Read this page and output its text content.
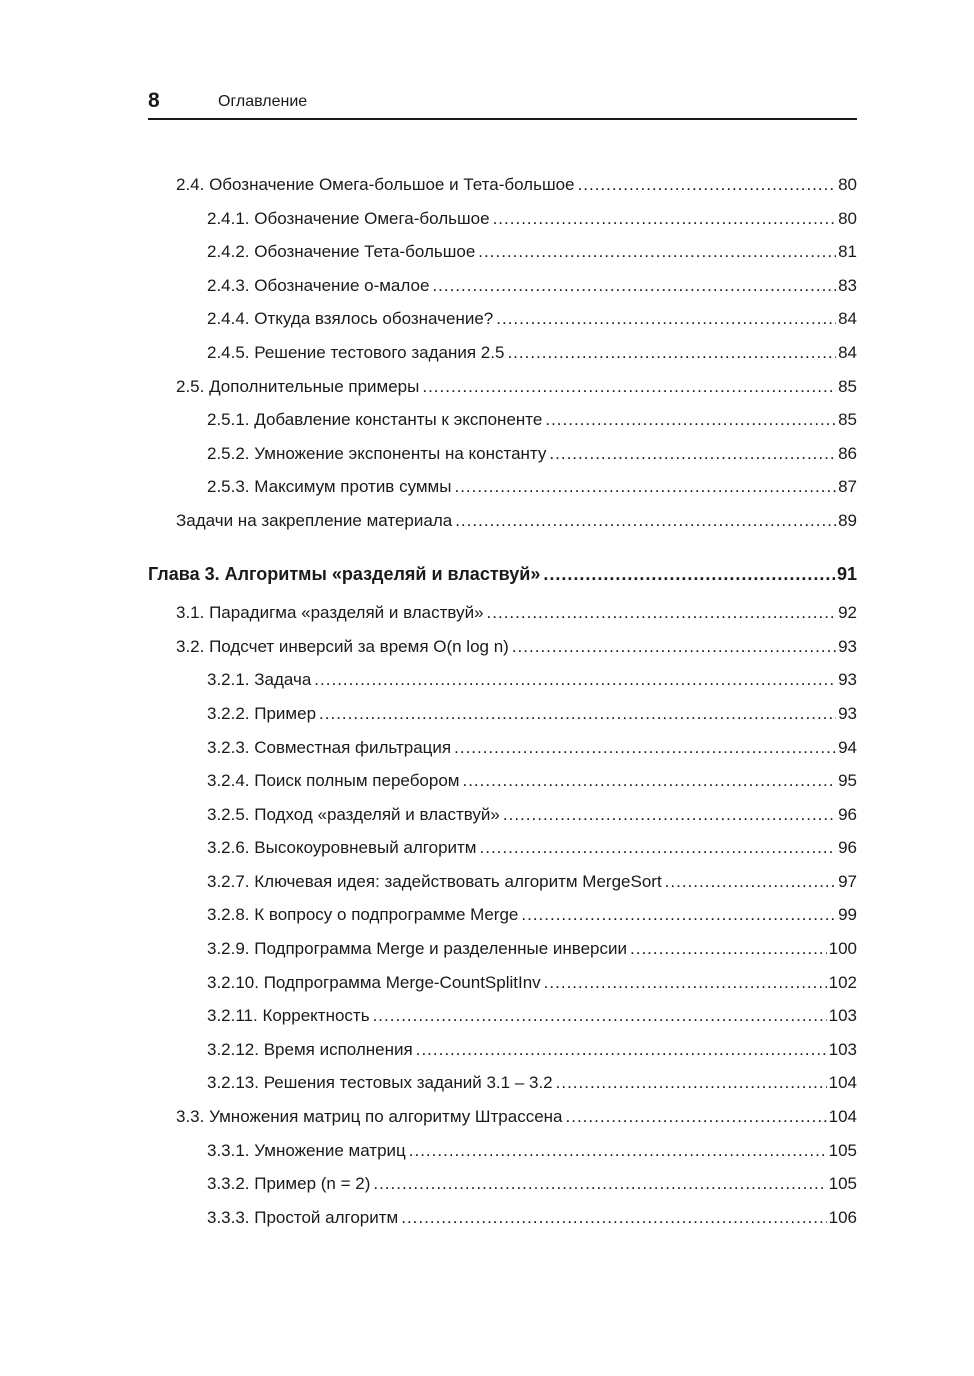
8	Оглавление
2.4. Обозначение Омега-большое и Тета-большое .....	80
2.4.1. Обозначение Омега-большое .....	80
2.4.2. Обозначение Тета-большое .....	81
2.4.3. Обозначение о-малое .....	83
2.4.4. Откуда взялось обозначение? .....	84
2.4.5. Решение тестового задания 2.5 .....	84
2.5. Дополнительные примеры .....	85
2.5.1. Добавление константы к экспоненте .....	85
2.5.2. Умножение экспоненты на константу .....	86
2.5.3. Максимум против суммы .....	87
Задачи на закрепление материала .....	89
Глава 3. Алгоритмы «разделяй и властвуй» .....	91
3.1. Парадигма «разделяй и властвуй» .....	92
3.2. Подсчет инверсий за время O(n log n) .....	93
3.2.1. Задача .....	93
3.2.2. Пример .....	93
3.2.3. Совместная фильтрация .....	94
3.2.4. Поиск полным перебором .....	95
3.2.5. Подход «разделяй и властвуй» .....	96
3.2.6. Высокоуровневый алгоритм .....	96
3.2.7. Ключевая идея: задействовать алгоритм MergeSort .....	97
3.2.8. К вопросу о подпрограмме Merge .....	99
3.2.9. Подпрограмма Merge и разделенные инверсии .....	100
3.2.10. Подпрограмма Merge-CountSplitInv .....	102
3.2.11. Корректность .....	103
3.2.12. Время исполнения .....	103
3.2.13. Решения тестовых заданий 3.1 – 3.2 .....	104
3.3. Умножения матриц по алгоритму Штрассена .....	104
3.3.1. Умножение матриц .....	105
3.3.2. Пример (n = 2) .....	105
3.3.3. Простой алгоритм .....	106
